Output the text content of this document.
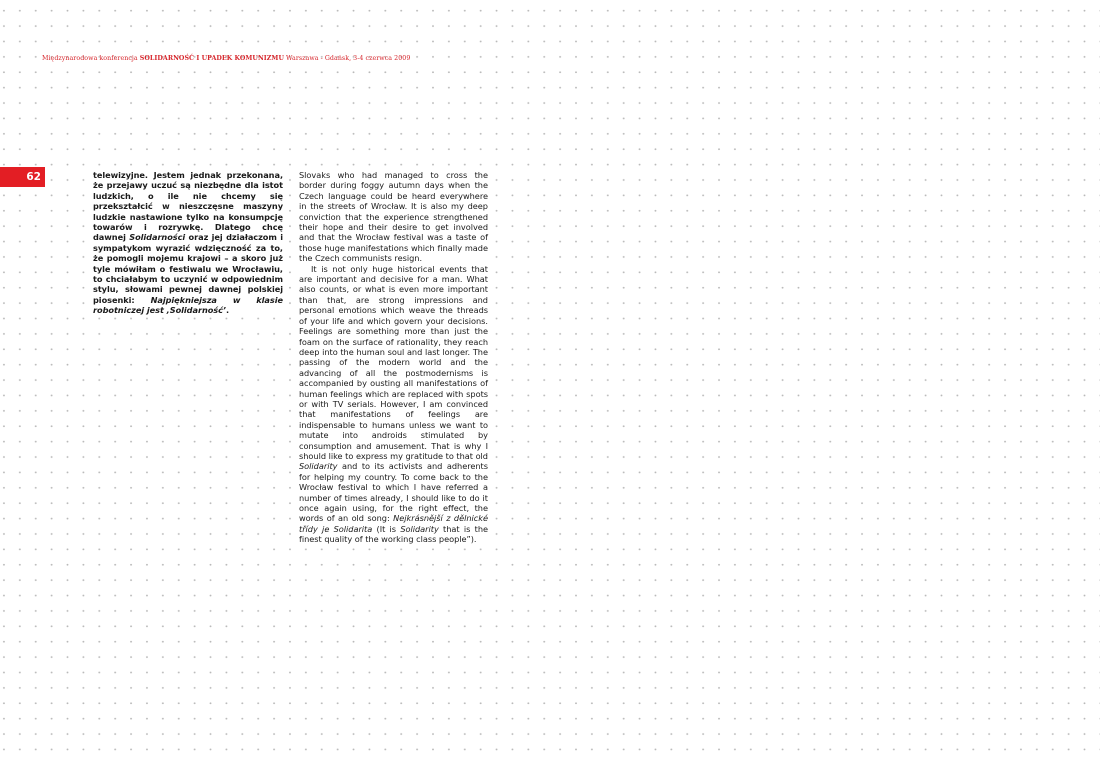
Międzynarodowa konferencja SOLIDARNOŚĆ I UPADEK KOMUNIZMU Warszawa - Gdańsk, 3-4 czerwca 2009
62	telewizyjne. Jestem jednak przekonana, że przejawy uczuć są niezbędne dla istot ludzkich, o ile nie chcemy się przekształcić w nieszczęsne maszyny ludzkie nastawione tylko na konsumpcję towarów i rozrywkę. Dlatego chcę dawnej Solidarności oraz jej działaczom i sympatykom wyrazić wdzięczność za to, że pomogli mojemu krajowi – a skoro już tyle mówiłam o festiwalu we Wrocławiu, to chciałabym to uczynić w odpowiednim stylu, słowami pewnej dawnej polskiej piosenki: Najpiękniejsza w klasie robotniczej jest ‚Solidarność’.

Slovaks who had managed to cross the border during foggy autumn days when the Czech language could be heard everywhere in the streets of Wrocław. It is also my deep conviction that the experience strengthened their hope and their desire to get involved and that the Wrocław festival was a taste of those huge manifestations which finally made the Czech communists resign.

It is not only huge historical events that are important and decisive for a man. What also counts, or what is even more important than that, are strong impressions and personal emotions which weave the threads of your life and which govern your decisions. Feelings are something more than just the foam on the surface of rationality, they reach deep into the human soul and last longer. The passing of the modern world and the advancing of all the postmodernisms is accompanied by ousting all manifestations of human feelings which are replaced with spots or with TV serials. However, I am convinced that manifestations of feelings are indispensable to humans unless we want to mutate into androids stimulated by consumption and amusement. That is why I should like to express my gratitude to that old Solidarity and to its activists and adherents for helping my country. To come back to the Wrocław festival to which I have referred a number of times already, I should like to do it once again using, for the right effect, the words of an old song: Nejkrásnější z dělnické třídy je Solidarita (It is Solidarity that is the finest quality of the working class people”).
